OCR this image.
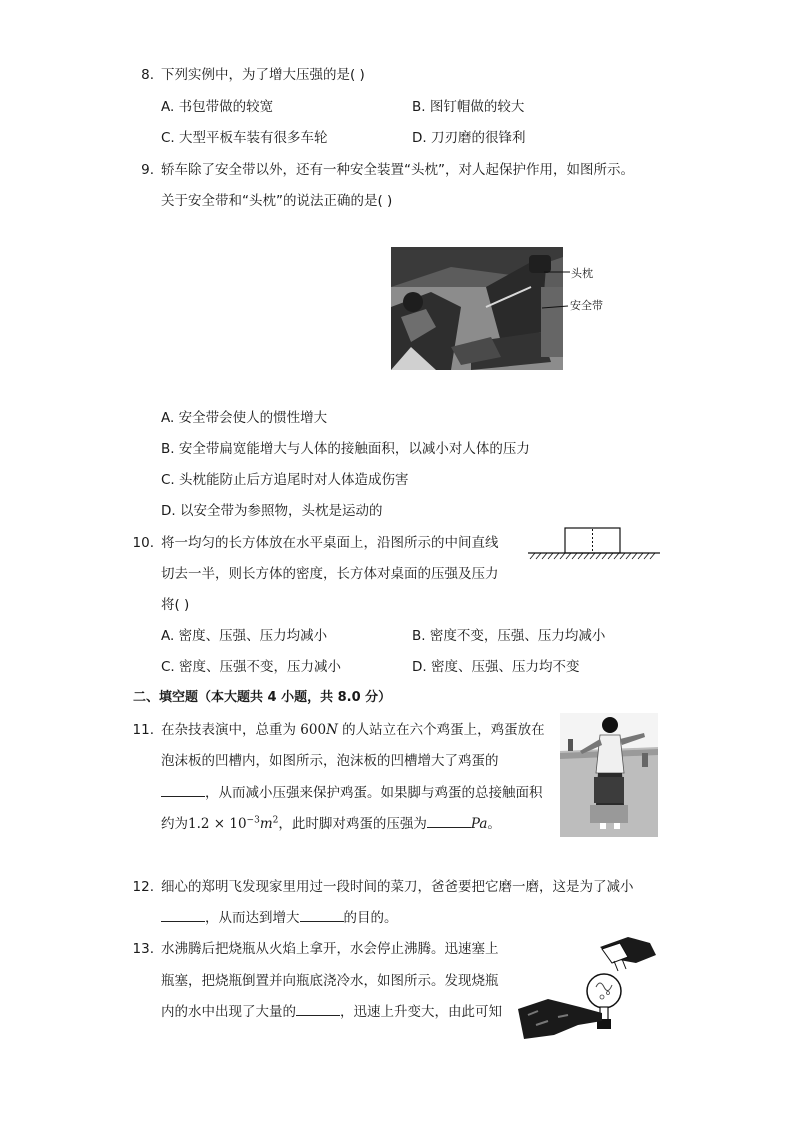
8. 下列实例中，为了增大压强的是( )
A. 书包带做的较宽	B. 图钉帽做的较大
C. 大型平板车装有很多车轮	D. 刀刃磨的很锋利
9. 轿车除了安全带以外，还有一种安全装置“头枕”，对人起保护作用，如图所示。
关于安全带和“头枕”的说法正确的是( )
头枕
安全带
A. 安全带会使人的惯性增大
B. 安全带扁宽能增大与人体的接触面积，以减小对人体的压力
C. 头枕能防止后方追尾时对人体造成伤害
D. 以安全带为参照物，头枕是运动的
10. 将一均匀的长方体放在水平桌面上，沿图所示的中间直线
切去一半，则长方体的密度，长方体对桌面的压强及压力
将( )
A. 密度、压强、压力均减小	B. 密度不变，压强、压力均减小
C. 密度、压强不变，压力减小	D. 密度、压强、压力均不变
二、填空题（本大题共 4 小题，共 8.0 分）
11. 在杂技表演中，总重为 600N 的人站立在六个鸡蛋上，鸡蛋放在
泡沫板的凹槽内，如图所示，泡沫板的凹槽增大了鸡蛋的
，从而减小压强来保护鸡蛋。如果脚与鸡蛋的总接触面积
约为$1.2 \times 10^{-3}m^2$，此时脚对鸡蛋的压强为	Pa。
12. 细心的郑明飞发现家里用过一段时间的菜刀，爸爸要把它磨一磨，这是为了减小
，从而达到增大	的目的。
13. 水沸腾后把烧瓶从火焰上拿开，水会停止沸腾。迅速塞上
瓶塞，把烧瓶倒置并向瓶底浇冷水，如图所示。发现烧瓶
内的水中出现了大量的	，迅速上升变大，由此可知
